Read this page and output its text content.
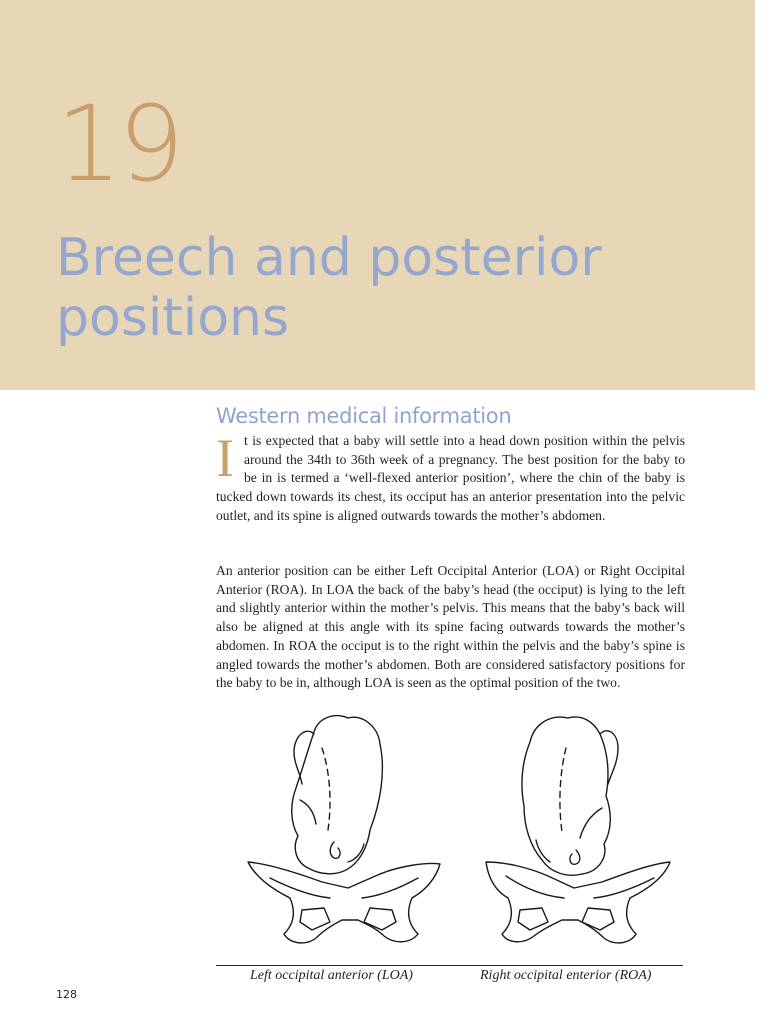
19
Breech and posterior positions
Western medical information
It is expected that a baby will settle into a head down position within the pelvis around the 34th to 36th week of a pregnancy. The best position for the baby to be in is termed a ‘well-flexed anterior position’, where the chin of the baby is tucked down towards its chest, its occiput has an anterior presentation into the pelvic outlet, and its spine is aligned outwards towards the mother’s abdomen.
An anterior position can be either Left Occipital Anterior (LOA) or Right Occipital Anterior (ROA). In LOA the back of the baby’s head (the occiput) is lying to the left and slightly anterior within the mother’s pelvis. This means that the baby’s back will also be aligned at this angle with its spine facing outwards towards the mother’s abdomen. In ROA the occiput is to the right within the pelvis and the baby’s spine is angled towards the mother’s abdomen. Both are considered satisfactory positions for the baby to be in, although LOA is seen as the optimal position of the two.
Left occipital anterior (LOA)	Right occipital enterior (ROA)
128
